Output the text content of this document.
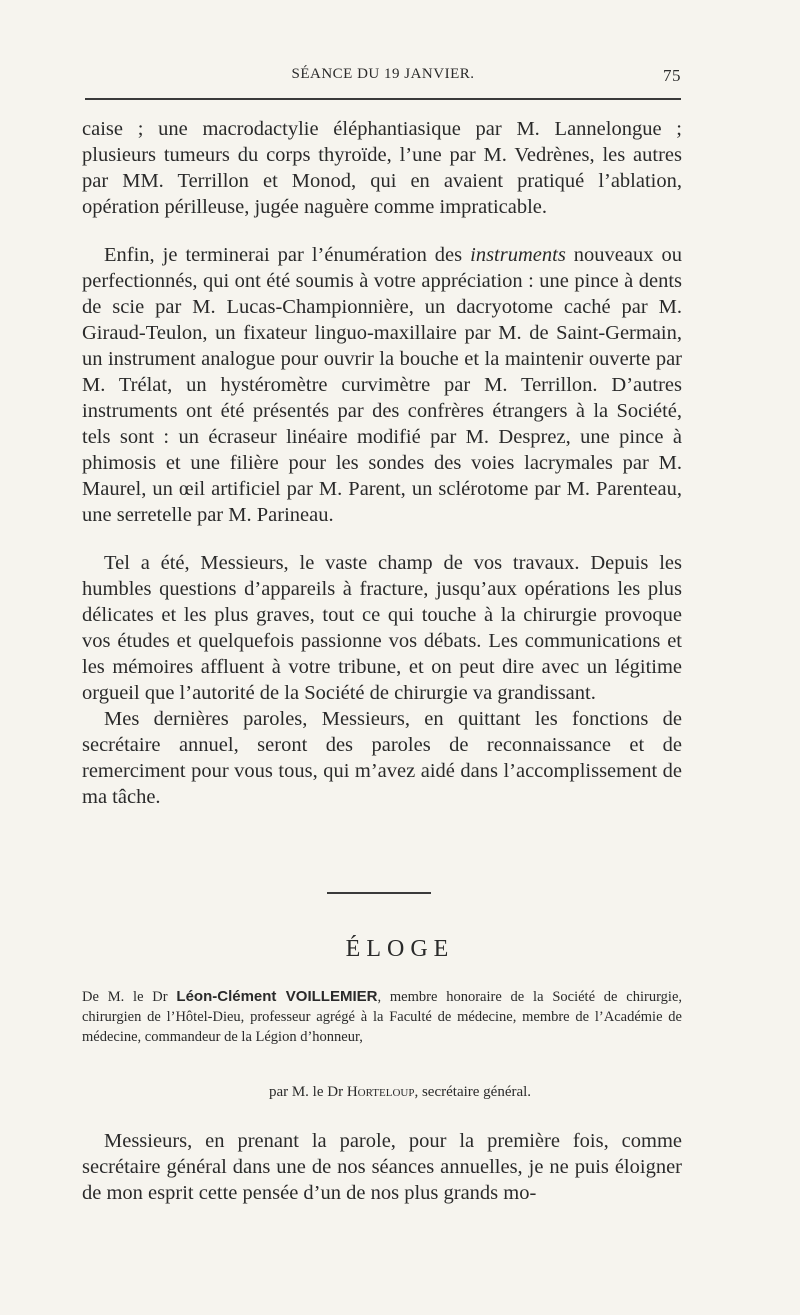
SÉANCE DU 19 JANVIER.	75

caise ; une macrodactylie éléphantiasique par M. Lannelongue ; plusieurs tumeurs du corps thyroïde, l’une par M. Vedrènes, les autres par MM. Terrillon et Monod, qui en avaient pratiqué l’ablation, opération périlleuse, jugée naguère comme impraticable.

Enfin, je terminerai par l’énumération des instruments nouveaux ou perfectionnés, qui ont été soumis à votre appréciation : une pince à dents de scie par M. Lucas-Championnière, un dacryotome caché par M. Giraud-Teulon, un fixateur linguo-maxillaire par M. de Saint-Germain, un instrument analogue pour ouvrir la bouche et la maintenir ouverte par M. Trélat, un hystéromètre curvimètre par M. Terrillon. D’autres instruments ont été présentés par des confrères étrangers à la Société, tels sont : un écraseur linéaire modifié par M. Desprez, une pince à phimosis et une filière pour les sondes des voies lacrymales par M. Maurel, un œil artificiel par M. Parent, un sclérotome par M. Parenteau, une serretelle par M. Parineau.

Tel a été, Messieurs, le vaste champ de vos travaux. Depuis les humbles questions d’appareils à fracture, jusqu’aux opérations les plus délicates et les plus graves, tout ce qui touche à la chirurgie provoque vos études et quelquefois passionne vos débats. Les communications et les mémoires affluent à votre tribune, et on peut dire avec un légitime orgueil que l’autorité de la Société de chirurgie va grandissant.

Mes dernières paroles, Messieurs, en quittant les fonctions de secrétaire annuel, seront des paroles de reconnaissance et de remerciment pour vous tous, qui m’avez aidé dans l’accomplissement de ma tâche.

ÉLOGE
De M. le Dr Léon-Clément VOILLEMIER, membre honoraire de la Société de chirurgie, chirurgien de l’Hôtel-Dieu, professeur agrégé à la Faculté de médecine, membre de l’Académie de médecine, commandeur de la Légion d’honneur,
par M. le Dr Horteloup, secrétaire général.

Messieurs, en prenant la parole, pour la première fois, comme secrétaire général dans une de nos séances annuelles, je ne puis éloigner de mon esprit cette pensée d’un de nos plus grands mo-
